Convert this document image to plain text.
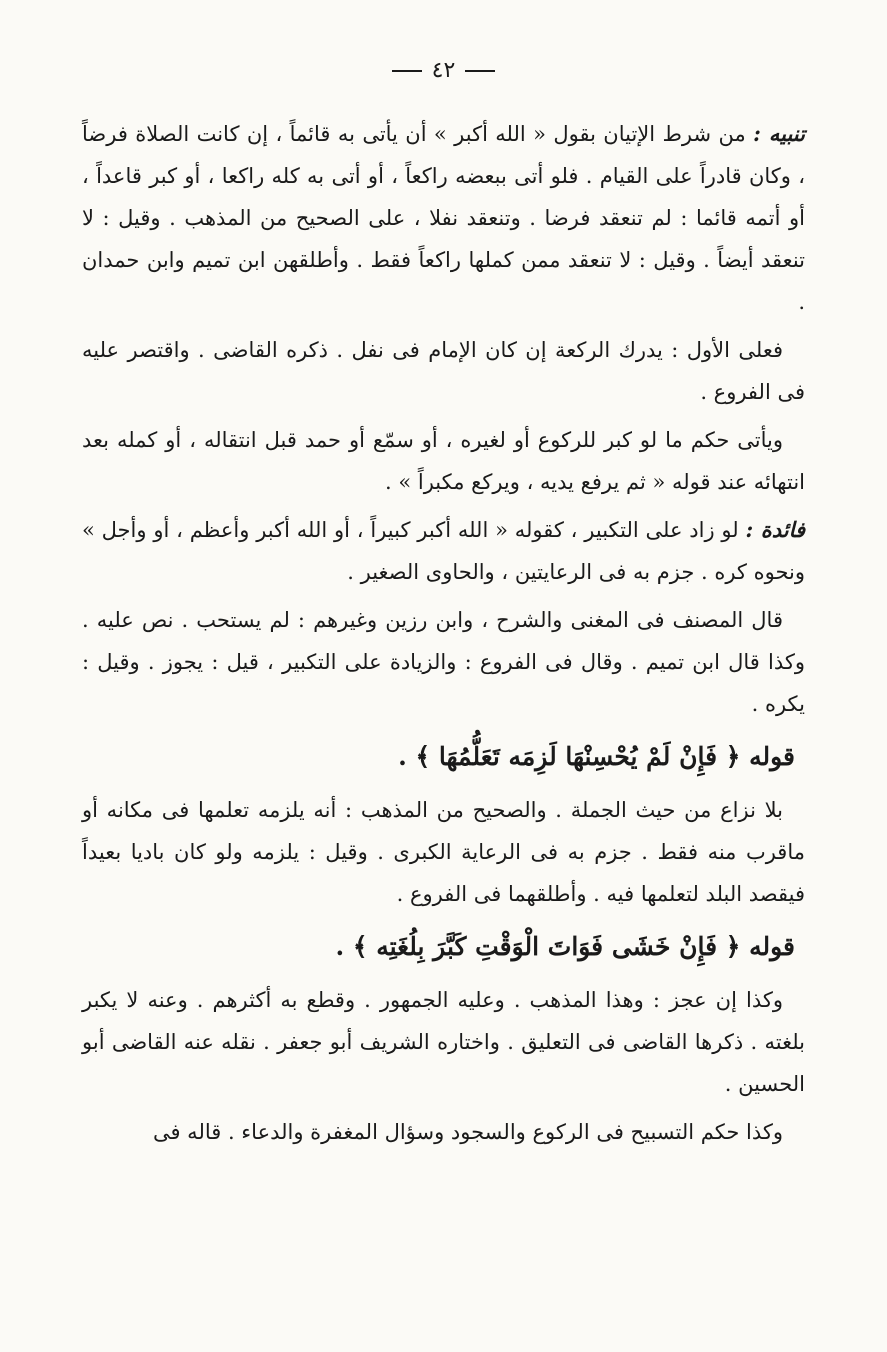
٤٢

تنبيه : من شرط الإتيان بقول « الله أكبر » أن يأتى به قائماً ، إن كانت الصلاة فرضاً ، وكان قادراً على القيام . فلو أتى ببعضه راكعاً ، أو أتى به كله راكعا ، أو كبر قاعداً ، أو أتمه قائما : لم تنعقد فرضا . وتنعقد نفلا ، على الصحيح من المذهب . وقيل : لا تنعقد أيضاً . وقيل : لا تنعقد ممن كملها راكعاً فقط . وأطلقهن ابن تميم وابن حمدان .

فعلى الأول : يدرك الركعة إن كان الإمام فى نفل . ذكره القاضى . واقتصر عليه فى الفروع .

ويأتى حكم ما لو كبر للركوع أو لغيره ، أو سمّع أو حمد قبل انتقاله ، أو كمله بعد انتهائه عند قوله « ثم يرفع يديه ، ويركع مكبراً » .

فائدة : لو زاد على التكبير ، كقوله « الله أكبر كبيراً ، أو الله أكبر وأعظم ، أو وأجل » ونحوه كره . جزم به فى الرعايتين ، والحاوى الصغير .

قال المصنف فى المغنى والشرح ، وابن رزين وغيرهم : لم يستحب . نص عليه . وكذا قال ابن تميم . وقال فى الفروع : والزيادة على التكبير ، قيل : يجوز . وقيل : يكره .

قوله ﴿ فَإِنْ لَمْ يُحْسِنْهَا لَزِمَه تَعَلُّمُهَا ﴾ .

بلا نزاع من حيث الجملة . والصحيح من المذهب : أنه يلزمه تعلمها فى مكانه أو ماقرب منه فقط . جزم به فى الرعاية الكبرى . وقيل : يلزمه ولو كان باديا بعيداً فيقصد البلد لتعلمها فيه . وأطلقهما فى الفروع .

قوله ﴿ فَإِنْ خَشَى فَوَاتَ الْوَقْتِ كَبَّرَ بِلُغَتِه ﴾ .

وكذا إن عجز : وهذا المذهب . وعليه الجمهور . وقطع به أكثرهم . وعنه لا يكبر بلغته . ذكرها القاضى فى التعليق . واختاره الشريف أبو جعفر . نقله عنه القاضى أبو الحسين .

وكذا حكم التسبيح فى الركوع والسجود وسؤال المغفرة والدعاء . قاله فى
